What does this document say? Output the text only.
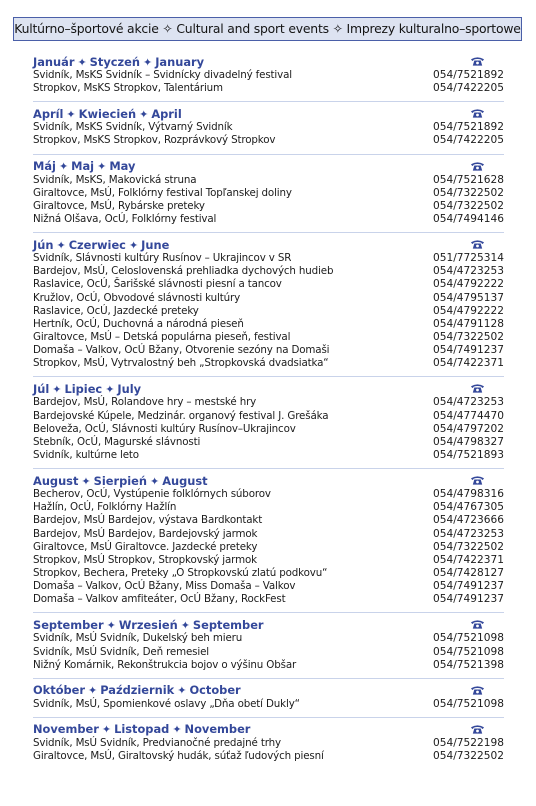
Kultúrno–športové akcie ✧ Cultural and sport events ✧ Imprezy kulturalno–sportowe
Január ✦ Styczeń ✦ January
Svidník, MsKS Svidník – Svidnícky divadelný festival	054/7521892
Stropkov, MsKS Stropkov, Talentárium	054/7422205
Apríl ✦ Kwiecień ✦ April
Svidník, MsKS Svidník, Výtvarný Svidník	054/7521892
Stropkov, MsKS Stropkov, Rozprávkový Stropkov	054/7422205
Máj ✦ Maj ✦ May
Svidník, MsKS, Makovická struna	054/7521628
Giraltovce, MsÚ, Folklórny festival Topľanskej doliny	054/7322502
Giraltovce, MsÚ, Rybárske preteky	054/7322502
Nižná Olšava, OcÚ, Folklórny festival	054/7494146
Jún ✦ Czerwiec ✦ June
Svidník, Slávnosti kultúry Rusínov – Ukrajincov v SR	051/7725314
Bardejov, MsÚ, Celoslovenská prehliadka dychových hudieb	054/4723253
Raslavice, OcÚ, Šarišské slávnosti piesní a tancov	054/4792222
Kružlov, OcÚ, Obvodové slávnosti kultúry	054/4795137
Raslavice, OcÚ, Jazdecké preteky	054/4792222
Hertník, OcÚ, Duchovná a národná pieseň	054/4791128
Giraltovce, MsÚ – Detská populárna pieseň, festival	054/7322502
Domaša – Valkov, OcÚ Bžany, Otvorenie sezóny na Domaši	054/7491237
Stropkov, MsÚ, Vytrvalostný beh „Stropkovská dvadsiatka“	054/7422371
Júl ✦ Lipiec ✦ July
Bardejov, MsÚ, Rolandove hry – mestské hry	054/4723253
Bardejovské Kúpele, Medzinár. organový festival J. Grešáka	054/4774470
Beloveža, OcÚ, Slávnosti kultúry Rusínov–Ukrajincov	054/4797202
Stebník, OcÚ, Magurské slávnosti	054/4798327
Svidník, kultúrne leto	054/7521893
August ✦ Sierpień ✦ August
Becherov, OcÚ, Vystúpenie folklórnych súborov	054/4798316
Hažlín, OcÚ, Folklórny Hažlín	054/4767305
Bardejov, MsÚ Bardejov, výstava Bardkontakt	054/4723666
Bardejov, MsÚ Bardejov, Bardejovský jarmok	054/4723253
Giraltovce, MsÚ Giraltovce. Jazdecké preteky	054/7322502
Stropkov, MsÚ Stropkov, Stropkovský jarmok	054/7422371
Stropkov, Bechera, Preteky „O Stropkovskú zlatú podkovu“	054/7428127
Domaša – Valkov, OcÚ Bžany, Miss Domaša – Valkov	054/7491237
Domaša – Valkov amfiteáter, OcÚ Bžany, RockFest	054/7491237
September ✦ Wrzesień ✦ September
Svidník, MsÚ Svidník, Dukelský beh mieru	054/7521098
Svidník, MsÚ Svidník, Deň remesiel	054/7521098
Nižný Komárnik, Rekonštrukcia bojov o výšinu Obšar	054/7521398
Október ✦ Październik ✦ October
Svidník, MsÚ, Spomienkové oslavy „Dňa obetí Dukly“	054/7521098
November ✦ Listopad ✦ November
Svidník, MsÚ Svidník, Predvianočné predajné trhy	054/7522198
Giraltovce, MsÚ, Giraltovský hudák, súťaž ľudových piesní	054/7322502
